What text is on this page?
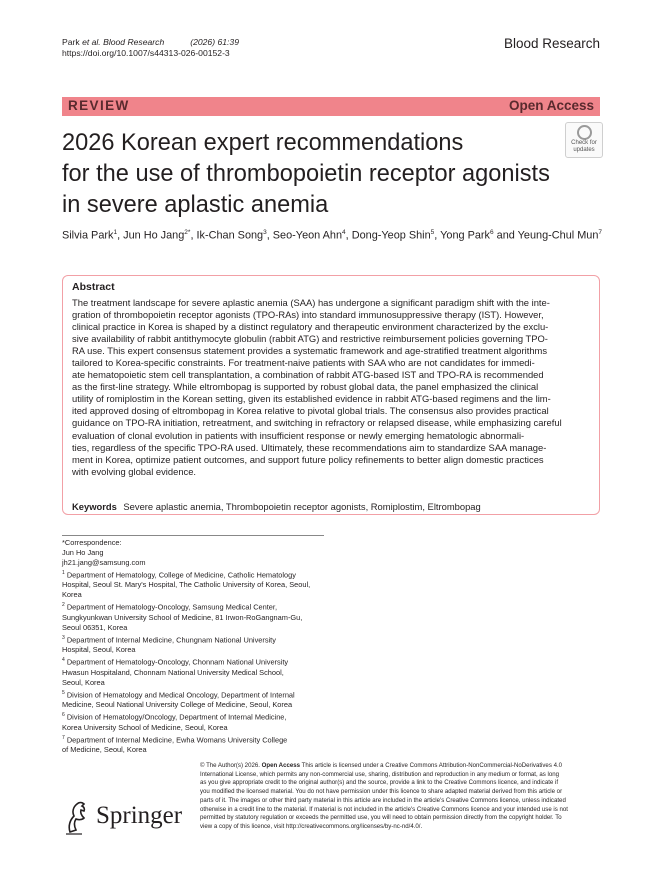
Park et al. Blood Research	(2026) 61:39
https://doi.org/10.1007/s44313-026-00152-3
Blood Research
REVIEW	Open Access
2026 Korean expert recommendations
for the use of thrombopoietin receptor agonists
in severe aplastic anemia
Check for
updates
Silvia Park$^1$, Jun Ho Jang$^{2*}$, Ik-Chan Song$^3$, Seo-Yeon Ahn$^4$, Dong-Yeop Shin$^5$, Yong Park$^6$ and Yeung-Chul Mun$^7$
Abstract
The treatment landscape for severe aplastic anemia (SAA) has undergone a significant paradigm shift with the inte-
gration of thrombopoietin receptor agonists (TPO-RAs) into standard immunosuppressive therapy (IST). However,
clinical practice in Korea is shaped by a distinct regulatory and therapeutic environment characterized by the exclu-
sive availability of rabbit antithymocyte globulin (rabbit ATG) and restrictive reimbursement policies governing TPO-
RA use. This expert consensus statement provides a systematic framework and age-stratified treatment algorithms
tailored to Korea-specific constraints. For treatment-naive patients with SAA who are not candidates for immedi-
ate hematopoietic stem cell transplantation, a combination of rabbit ATG-based IST and TPO-RA is recommended
as the first-line strategy. While eltrombopag is supported by robust global data, the panel emphasized the clinical
utility of romiplostim in the Korean setting, given its established evidence in rabbit ATG-based regimens and the lim-
ited approved dosing of eltrombopag in Korea relative to pivotal global trials. The consensus also provides practical
guidance on TPO-RA initiation, retreatment, and switching in refractory or relapsed disease, while emphasizing careful
evaluation of clonal evolution in patients with insufficient response or newly emerging hematologic abnormali-
ties, regardless of the specific TPO-RA used. Ultimately, these recommendations aim to standardize SAA manage-
ment in Korea, optimize patient outcomes, and support future policy refinements to better align domestic practices
with evolving global evidence.
Keywords Severe aplastic anemia, Thrombopoietin receptor agonists, Romiplostim, Eltrombopag
*Correspondence:
Jun Ho Jang
jh21.jang@samsung.com
$^1$ Department of Hematology, College of Medicine, Catholic Hematology
Hospital, Seoul St. Mary's Hospital, The Catholic University of Korea, Seoul,
Korea
$^2$ Department of Hematology-Oncology, Samsung Medical Center,
Sungkyunkwan University School of Medicine, 81 Irwon-RoGangnam-Gu,
Seoul 06351, Korea
$^3$ Department of Internal Medicine, Chungnam National University
Hospital, Seoul, Korea
$^4$ Department of Hematology-Oncology, Chonnam National University
Hwasun Hospitaland, Chonnam National University Medical School,
Seoul, Korea
$^5$ Division of Hematology and Medical Oncology, Department of Internal
Medicine, Seoul National University College of Medicine, Seoul, Korea
$^6$ Division of Hematology/Oncology, Department of Internal Medicine,
Korea University School of Medicine, Seoul, Korea
$^7$ Department of Internal Medicine, Ewha Womans University College
of Medicine, Seoul, Korea
Springer
© The Author(s) 2026. Open Access This article is licensed under a Creative Commons Attribution-NonCommercial-NoDerivatives 4.0
International License, which permits any non-commercial use, sharing, distribution and reproduction in any medium or format, as long
as you give appropriate credit to the original author(s) and the source, provide a link to the Creative Commons licence, and indicate if
you modified the licensed material. You do not have permission under this licence to share adapted material derived from this article or
parts of it. The images or other third party material in this article are included in the article's Creative Commons licence, unless indicated
otherwise in a credit line to the material. If material is not included in the article's Creative Commons licence and your intended use is not
permitted by statutory regulation or exceeds the permitted use, you will need to obtain permission directly from the copyright holder. To
view a copy of this licence, visit http://creativecommons.org/licenses/by-nc-nd/4.0/.
